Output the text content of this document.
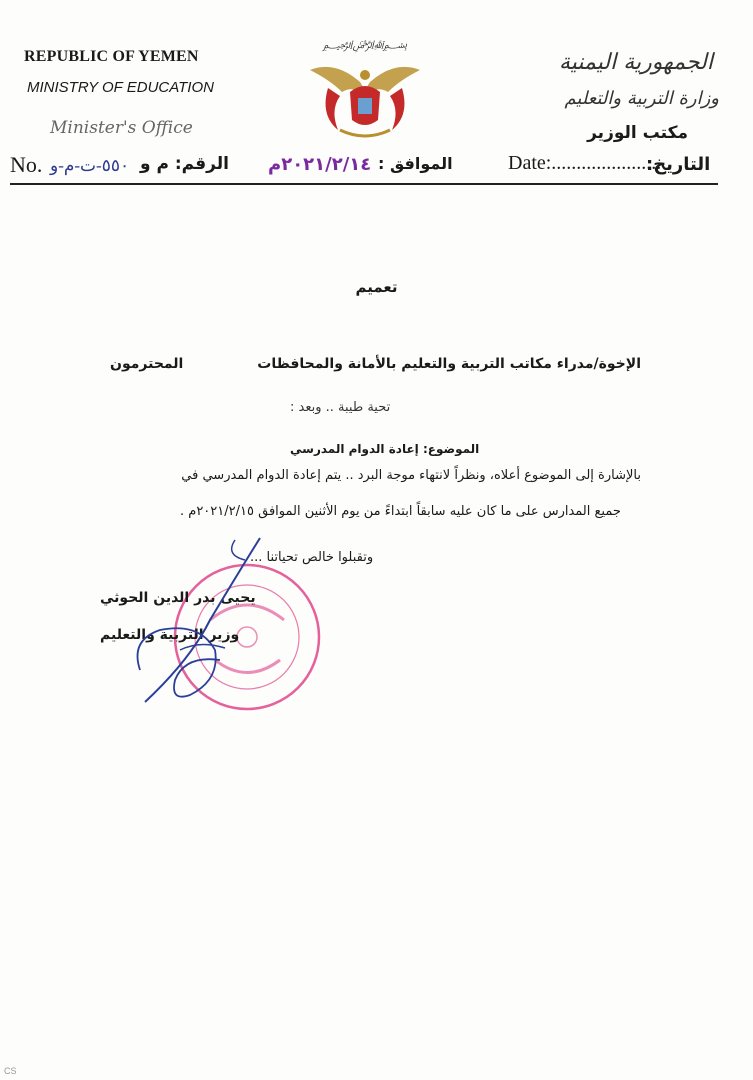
REPUBLIC OF YEMEN
MINISTRY OF EDUCATION
Minister's Office
﷽
الجمهورية اليمنية
وزارة التربية والتعليم
مكتب الوزير
No. ٥٥٠-ت-م-و الرقم: م و ٢٠٢١/٢/١٤م الموافق :	Date:......................
التاريخ:
تعميم
الإخوة/مدراء مكاتب التربية والتعليم بالأمانة والمحافظات
المحترمون
تحية طيبة .. وبعد :
الموضوع: إعادة الدوام المدرسي
بالإشارة إلى الموضوع أعلاه، ونظراً لانتهاء موجة البرد .. يتم إعادة الدوام المدرسي في
جميع المدارس على ما كان عليه سابقاً ابتداءً من يوم الأثنين الموافق ٢٠٢١/٢/١٥م .
وتقبلوا خالص تحياتنا ...
يحيى بدر الدين الحوثي
وزير التربية والتعليم
CS
